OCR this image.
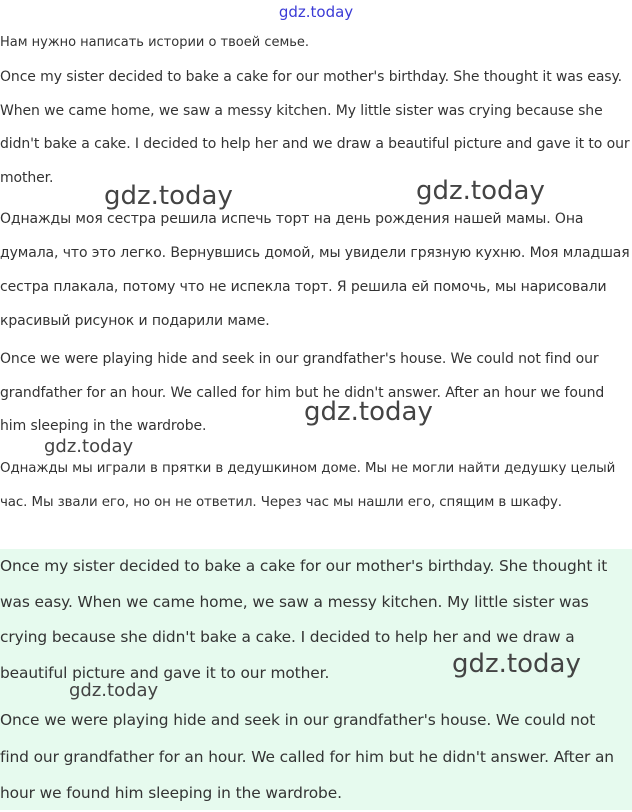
gdz.today
Нам нужно написать истории о твоей семье.

Once my sister decided to bake a cake for our mother's birthday. She thought it was easy. When we came home, we saw a messy kitchen. My little sister was crying because she didn't bake a cake. I decided to help her and we draw a beautiful picture and gave it to our mother.

Однажды моя сестра решила испечь торт на день рождения нашей мамы. Она думала, что это легко. Вернувшись домой, мы увидели грязную кухню. Моя младшая сестра плакала, потому что не испекла торт. Я решила ей помочь, мы нарисовали красивый рисунок и подарили маме.

Once we were playing hide and seek in our grandfather's house. We could not find our grandfather for an hour. We called for him but he didn't answer. After an hour we found him sleeping in the wardrobe.

Однажды мы играли в прятки в дедушкином доме. Мы не могли найти дедушку целый час. Мы звали его, но он не ответил. Через час мы нашли его, спящим в шкафу.

Once my sister decided to bake a cake for our mother's birthday. She thought it was easy. When we came home, we saw a messy kitchen. My little sister was crying because she didn't bake a cake. I decided to help her and we draw a beautiful picture and gave it to our mother.

Once we were playing hide and seek in our grandfather's house. We could not find our grandfather for an hour. We called for him but he didn't answer. After an hour we found him sleeping in the wardrobe.

gdz.today	gdz.today
gdz.today
gdz.today
gdz.today
gdz.today
